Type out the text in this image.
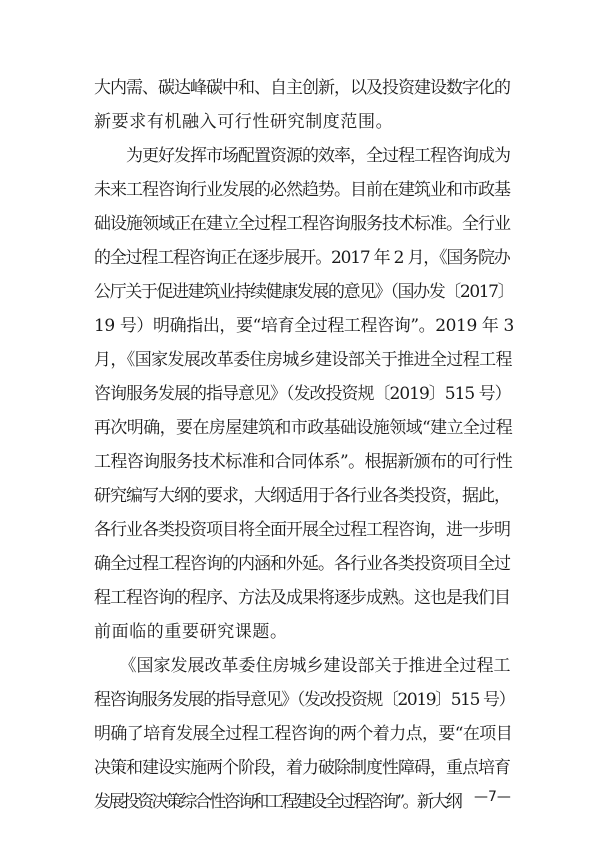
大内需、碳达峰碳中和、自主创新，以及投资建设数字化的
新要求有机融入可行性研究制度范围。
　　为更好发挥市场配置资源的效率，全过程工程咨询成为
未来工程咨询行业发展的必然趋势。目前在建筑业和市政基
础设施领域正在建立全过程工程咨询服务技术标准。全行业
的全过程工程咨询正在逐步展开。2017 年 2 月，《国务院办
公厅关于促进建筑业持续健康发展的意见》（国办发〔2017〕
19 号）明确指出，要“培育全过程工程咨询”。2019 年 3
月，《国家发展改革委住房城乡建设部关于推进全过程工程
咨询服务发展的指导意见》（发改投资规〔2019〕515 号）
再次明确，要在房屋建筑和市政基础设施领域“建立全过程
工程咨询服务技术标准和合同体系”。根据新颁布的可行性
研究编写大纲的要求，大纲适用于各行业各类投资，据此，
各行业各类投资项目将全面开展全过程工程咨询，进一步明
确全过程工程咨询的内涵和外延。各行业各类投资项目全过
程工程咨询的程序、方法及成果将逐步成熟。这也是我们目
前面临的重要研究课题。
　　《国家发展改革委住房城乡建设部关于推进全过程工
程咨询服务发展的指导意见》（发改投资规〔2019〕515 号）
明确了培育发展全过程工程咨询的两个着力点，要“在项目
决策和建设实施两个阶段，着力破除制度性障碍，重点培育
发展投资决策综合性咨询和工程建设全过程咨询”。新大纲 —7—
